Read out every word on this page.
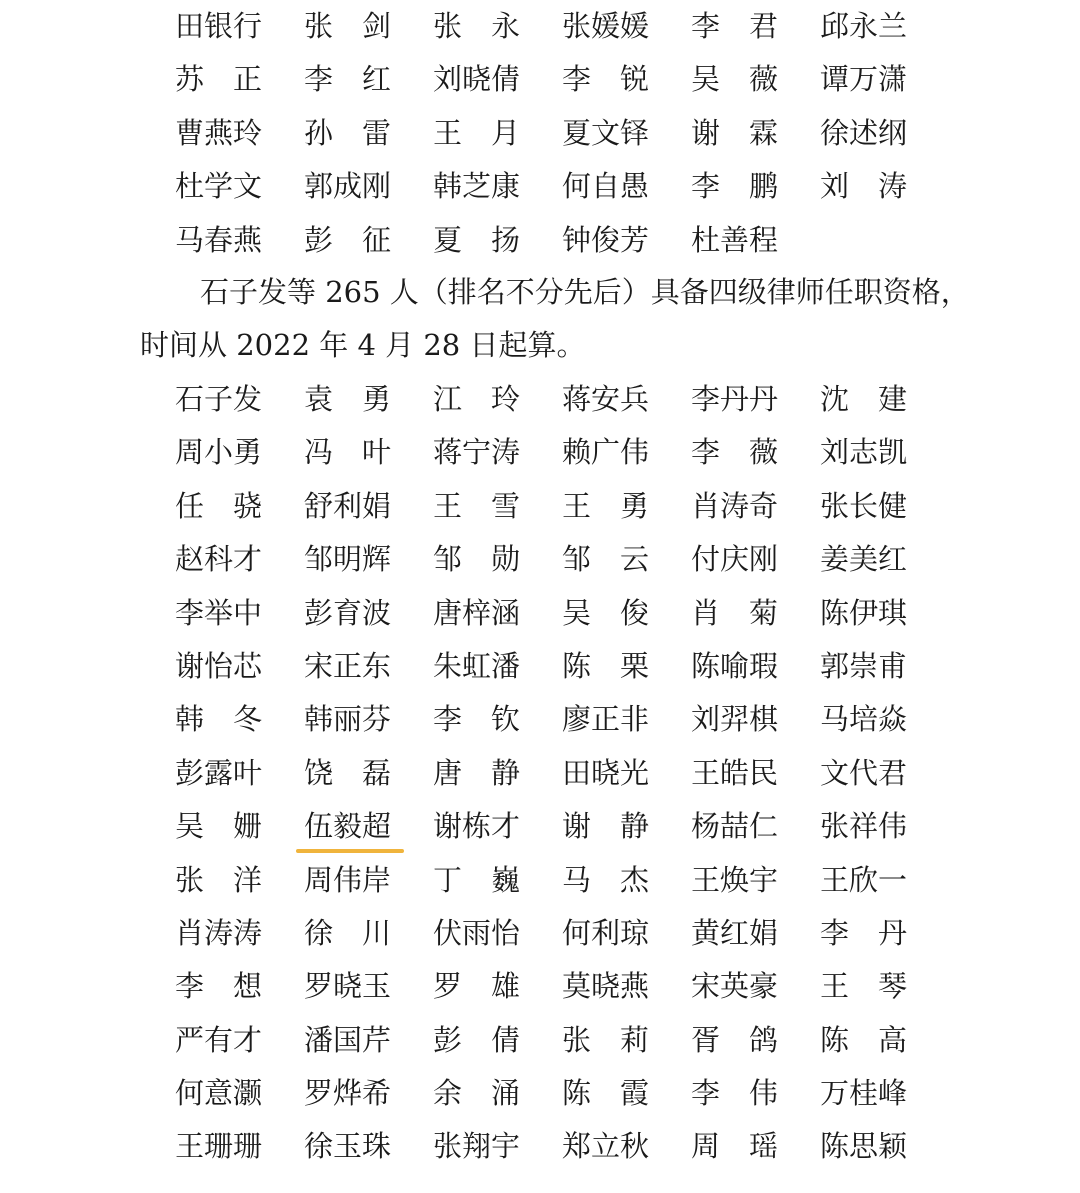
田银行 张剑 张永 张媛媛 李君 邱永兰
苏正 李红 刘晓倩 李锐 吴薇 谭万潇
曹燕玲 孙雷 王月 夏文铎 谢霖 徐述纲
杜学文 郭成刚 韩芝康 何自愚 李鹏 刘涛
马春燕 彭征 夏扬 钟俊芳 杜善程
石子发等 265 人（排名不分先后）具备四级律师任职资格，
时间从 2022 年 4 月 28 日起算。
石子发 袁勇 江玲 蒋安兵 李丹丹 沈建
周小勇 冯叶 蒋宁涛 赖广伟 李薇 刘志凯
任骁 舒利娟 王雪 王勇 肖涛奇 张长健
赵科才 邹明辉 邹勋 邹云 付庆刚 姜美红
李举中 彭育波 唐梓涵 吴俊 肖菊 陈伊琪
谢怡芯 宋正东 朱虹潘 陈栗 陈喻瑕 郭崇甫
韩冬 韩丽芬 李钦 廖正非 刘羿棋 马培焱
彭露叶 饶磊 唐静 田晓光 王皓民 文代君
吴姗 伍毅超 谢栋才 谢静 杨喆仁 张祥伟
张洋 周伟岸 丁巍 马杰 王焕宇 王欣一
肖涛涛 徐川 伏雨怡 何利琼 黄红娟 李丹
李想 罗晓玉 罗雄 莫晓燕 宋英豪 王琴
严有才 潘国芹 彭倩 张莉 胥鸽 陈高
何意灏 罗烨希 余涌 陈霞 李伟 万桂峰
王珊珊 徐玉珠 张翔宇 郑立秋 周瑶 陈思颖
